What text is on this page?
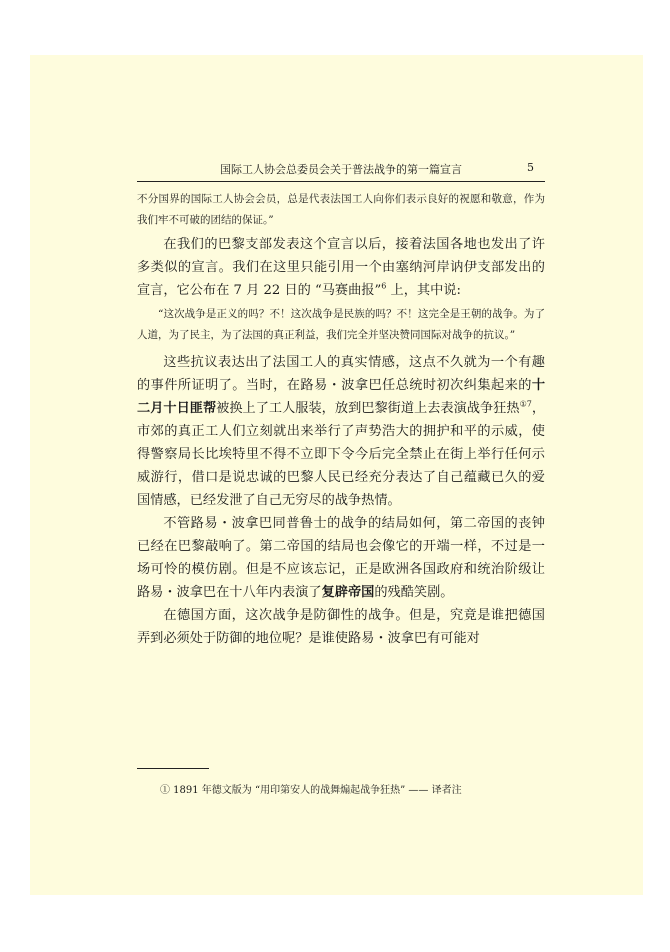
国际工人协会总委员会关于普法战争的第一篇宣言	5

不分国界的国际工人协会会员，总是代表法国工人向你们表示良好的祝愿和敬意，作为我们牢不可破的团结的保证。”

在我们的巴黎支部发表这个宣言以后，接着法国各地也发出了许多类似的宣言。我们在这里只能引用一个由塞纳河岸讷伊支部发出的宣言，它公布在 7 月 22 日的 “马赛曲报”$^6$ 上，其中说:

“这次战争是正义的吗？不！这次战争是民族的吗？不！这完全是王朝的战争。为了人道，为了民主，为了法国的真正利益，我们完全并坚决赞同国际对战争的抗议。”

这些抗议表达出了法国工人的真实情感，这点不久就为一个有趣的事件所证明了。当时，在路易・波拿巴任总统时初次纠集起来的十二月十日匪帮被换上了工人服装，放到巴黎街道上去表演战争狂热$^{①7}$，市郊的真正工人们立刻就出来举行了声势浩大的拥护和平的示威，使得警察局长比埃特里不得不立即下令今后完全禁止在街上举行任何示威游行，借口是说忠诚的巴黎人民已经充分表达了自己蕴藏已久的爱国情感，已经发泄了自己无穷尽的战争热情。

不管路易・波拿巴同普鲁士的战争的结局如何，第二帝国的丧钟已经在巴黎敲响了。第二帝国的结局也会像它的开端一样，不过是一场可怜的模仿剧。但是不应该忘记，正是欧洲各国政府和统治阶级让路易・波拿巴在十八年内表演了复辟帝国的残酷笑剧。

在德国方面，这次战争是防御性的战争。但是，究竟是谁把德国弄到必须处于防御的地位呢？是谁使路易・波拿巴有可能对

① 1891 年德文版为 “用印第安人的战舞煽起战争狂热” —— 译者注
